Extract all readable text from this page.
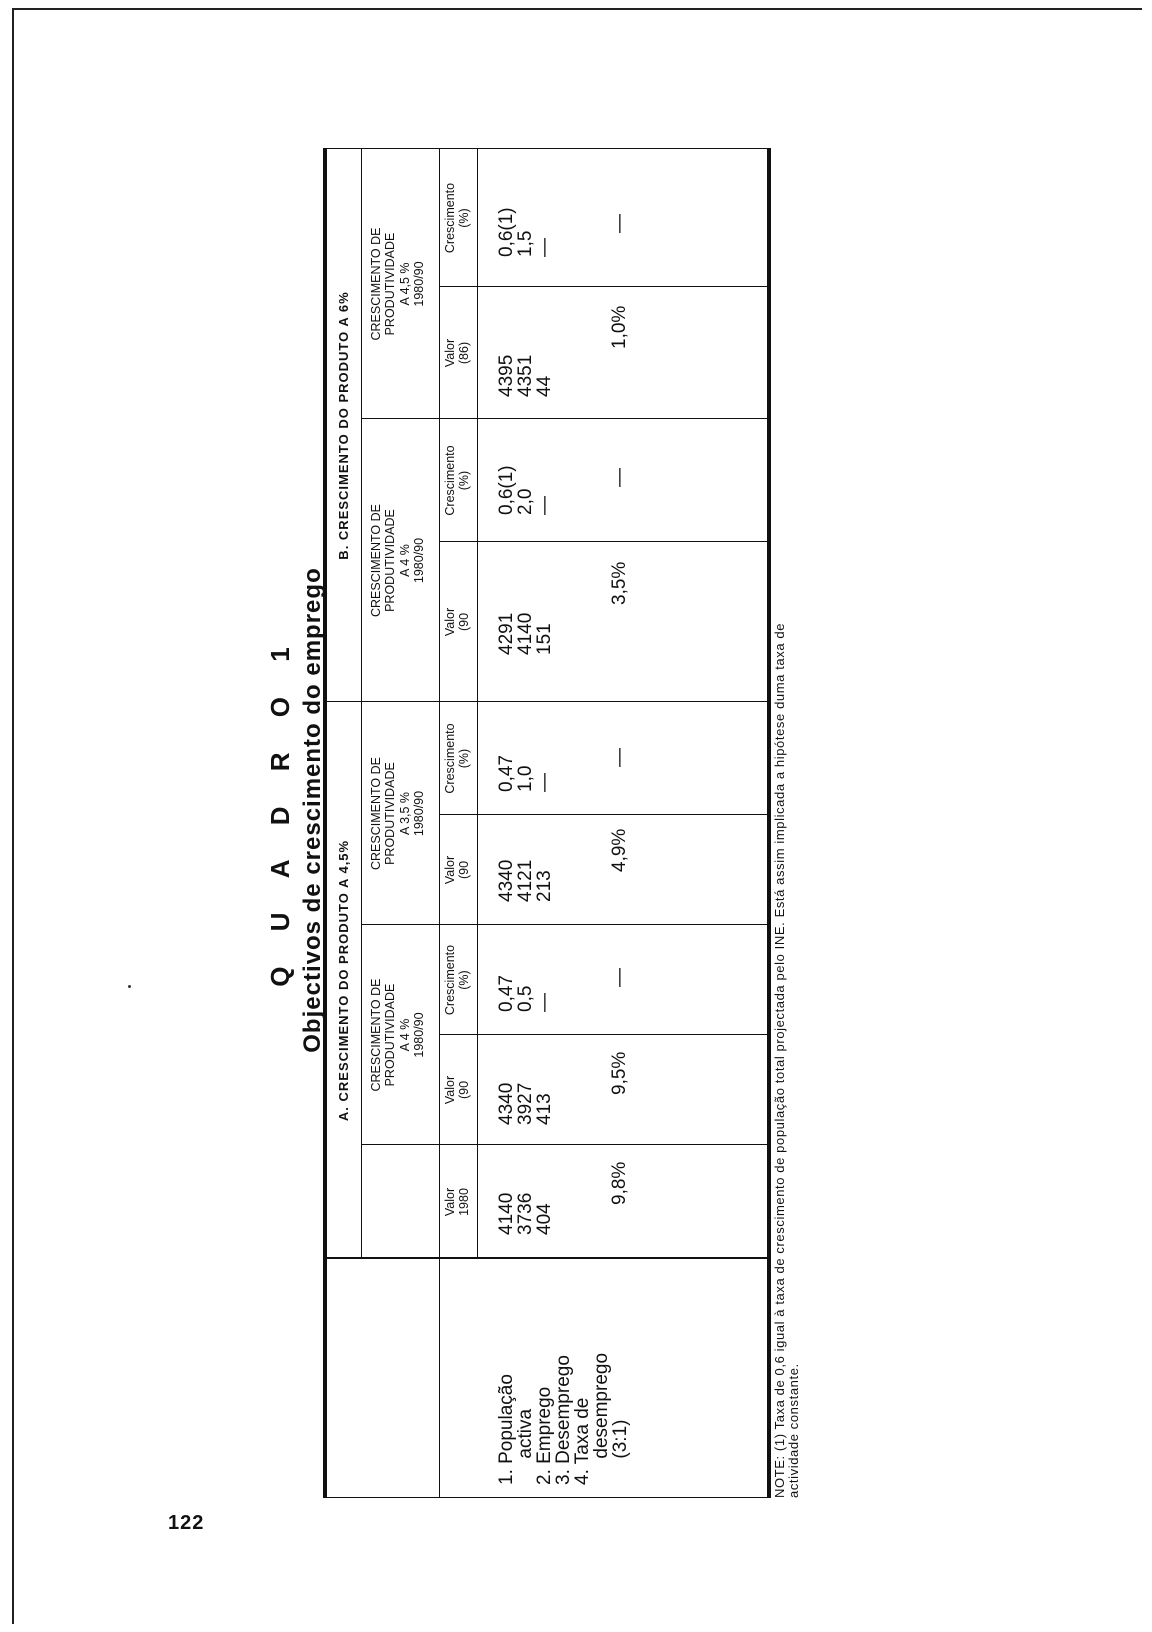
122
Q U A D R O 1 Objectivos de crescimento do emprego A. CRESCIMENTO DO PRODUTO A 4,5%
B. CRESCIMENTO DO PRODUTO A 6%
CRESCIMENTO DE PRODUTIVIDADE A 4 % 1980/90
CRESCIMENTO DE PRODUTIVIDADE A 3,5 % 1980/90
CRESCIMENTO DE PRODUTIVIDADE A 4 % 1980/90
CRESCIMENTO DE PRODUTIVIDADE A 4,5 % 1980/90
Valor 1980
Valor (90
Crescimento (%)
Valor (90
Crescimento (%)
Valor (90
Crescimento (%)
Valor (86)
Crescimento (%)
1. População
activa
2. Emprego
3. Desemprego
4. Taxa de
desemprego
(3:1)
4140
3736
404
9,8%
4340
3927
413
9,5%
0,47
0,5
—
—
4340
4121
213
4,9%
0,47
1,0
—
—
4291
4140
151
3,5%
0,6(1)
2,0
—
—
4395
4351
44
1,0%
0,6(1)
1,5
—
—
NOTE: (1) Taxa de 0,6 igual à taxa de crescimento de população total projectada pelo INE. Está assim implicada a hipótese duma taxa de actividade constante.
